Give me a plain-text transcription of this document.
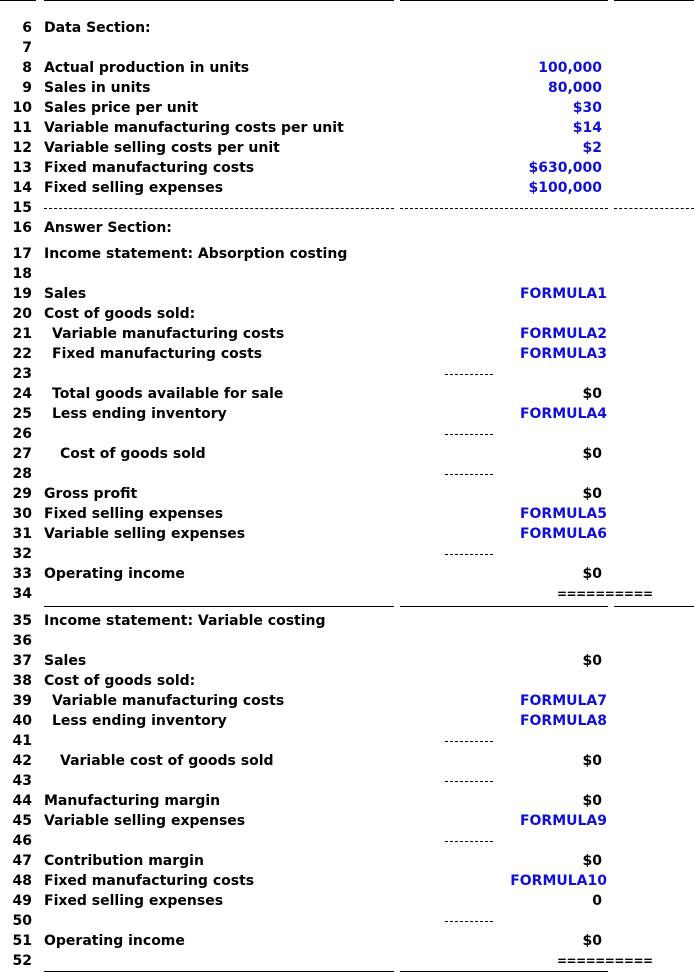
6 Data Section:
7
8 Actual production in units	100,000
9 Sales in units	80,000
10 Sales price per unit	$30
11 Variable manufacturing costs per unit	$14
12 Variable selling costs per unit	$2
13 Fixed manufacturing costs	$630,000
14 Fixed selling expenses	$100,000
15
16 Answer Section:
17 Income statement: Absorption costing
18
19 Sales	FORMULA1
20 Cost of goods sold:
21 Variable manufacturing costs	FORMULA2
22 Fixed manufacturing costs	FORMULA3
23
24 Total goods available for sale	$0
25 Less ending inventory	FORMULA4
26
27 Cost of goods sold	$0
28
29 Gross profit	$0
30 Fixed selling expenses	FORMULA5
31 Variable selling expenses	FORMULA6
32
33 Operating income	$0
34	==========
35 Income statement: Variable costing
36
37 Sales	$0
38 Cost of goods sold:
39 Variable manufacturing costs	FORMULA7
40 Less ending inventory	FORMULA8
41
42 Variable cost of goods sold	$0
43
44 Manufacturing margin	$0
45 Variable selling expenses	FORMULA9
46
47 Contribution margin	$0
48 Fixed manufacturing costs	FORMULA10
49 Fixed selling expenses	0
50
51 Operating income	$0
52	==========
